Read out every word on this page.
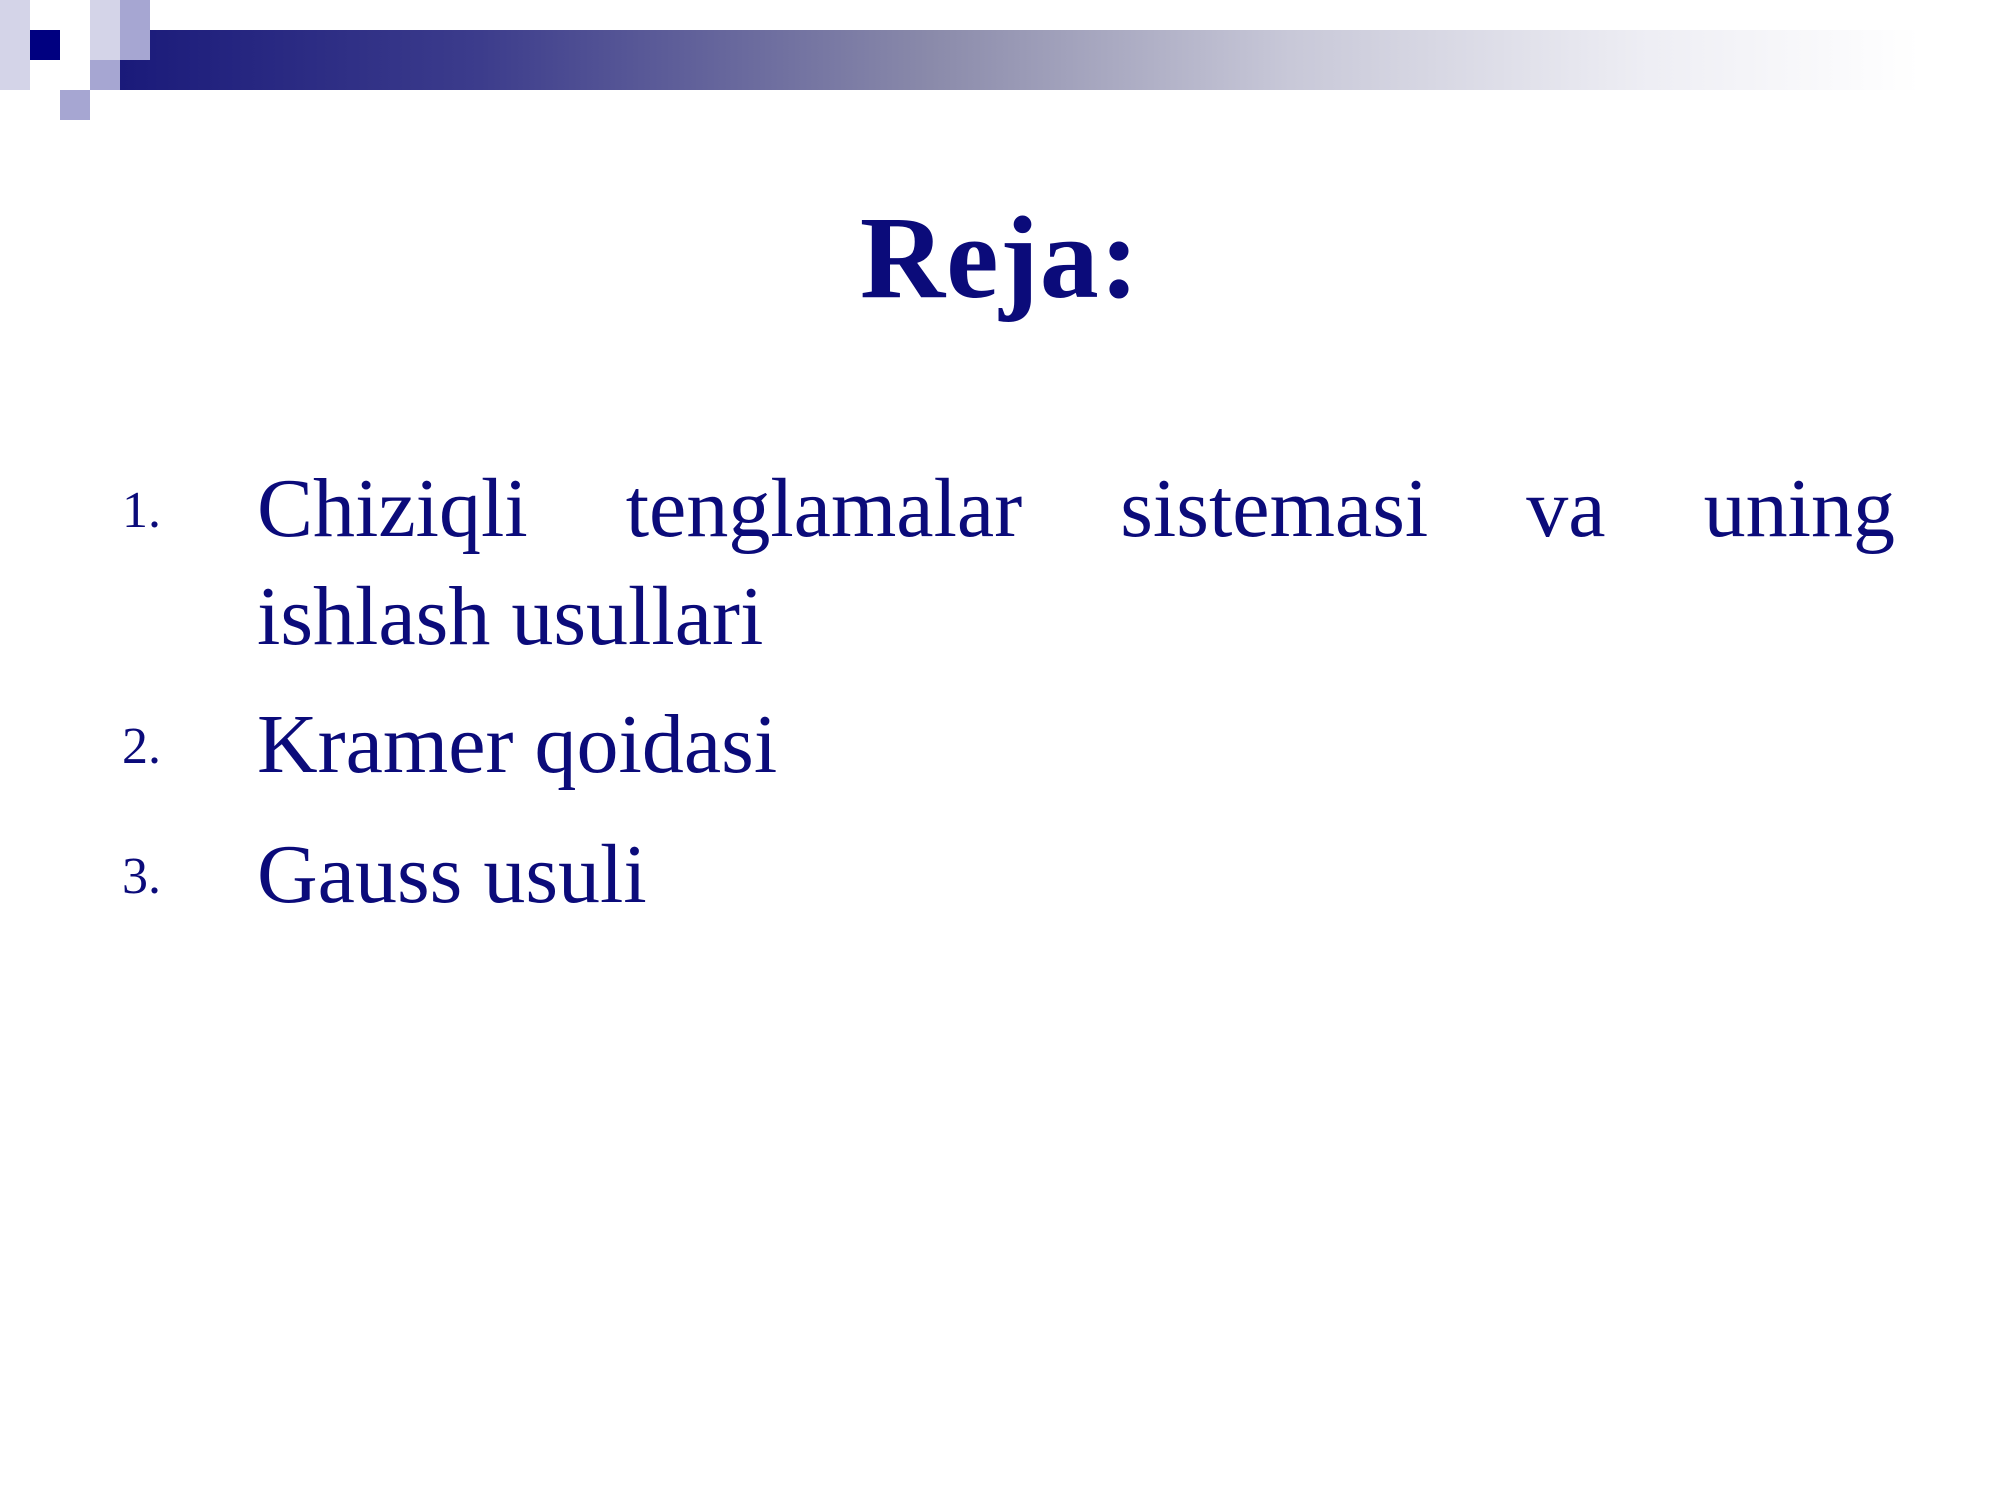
Reja:
1. Chiziqli tenglamalar sistemasi va uning
ishlash usullari
2. Kramer qoidasi
3. Gauss usuli
